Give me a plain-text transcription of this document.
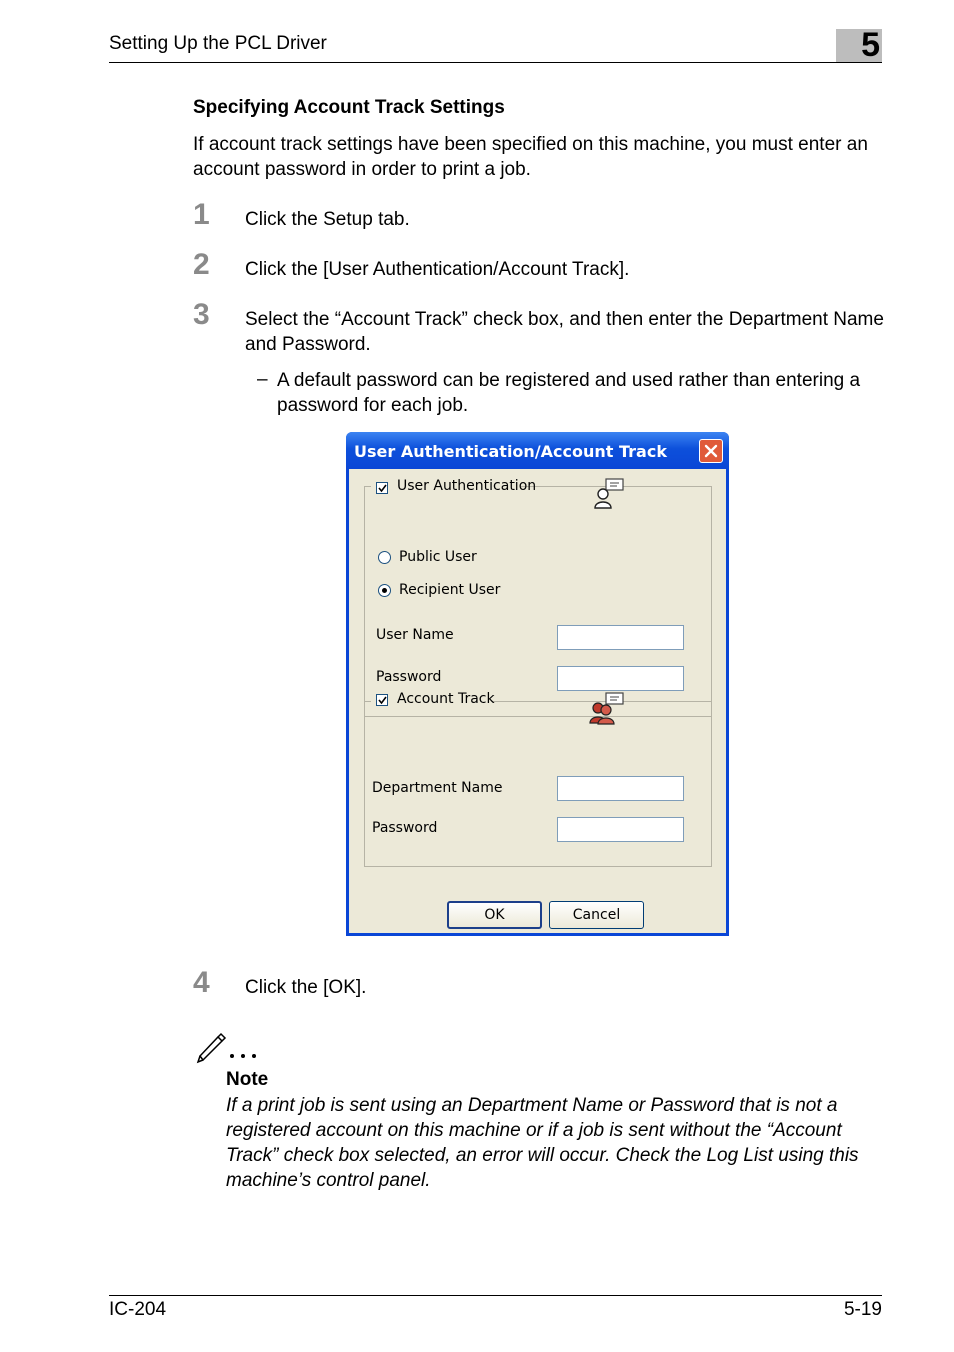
Setting Up the PCL Driver	5
Specifying Account Track Settings
If account track settings have been specified on this machine, you must enter an account password in order to print a job.
1 Click the Setup tab.
2 Click the [User Authentication/Account Track].
3 Select the “Account Track” check box, and then enter the Department Name and Password.
– A default password can be registered and used rather than entering a password for each job.
User Authentication/Account Track
User Authentication
Public User
Recipient User
User Name
Password
Account Track
Department Name
Password
OK	Cancel
4 Click the [OK].
Note
If a print job is sent using an Department Name or Password that is not a registered account on this machine or if a job is sent without the “Account Track” check box selected, an error will occur. Check the Log List using this machine’s control panel.
IC-204	5-19
